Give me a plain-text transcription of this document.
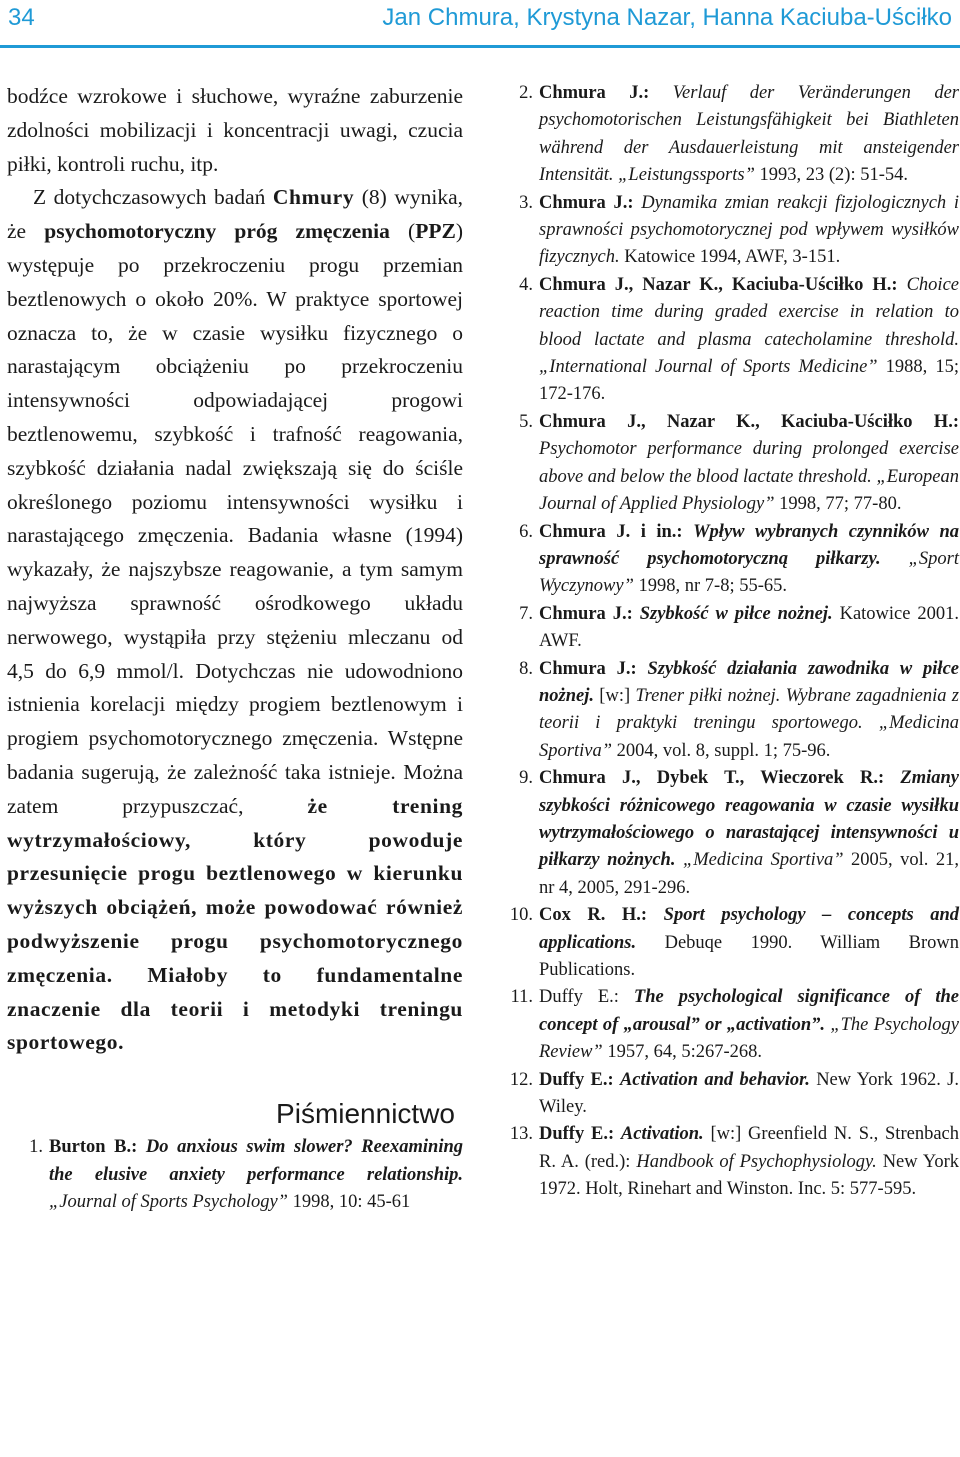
34	Jan Chmura, Krystyna Nazar, Hanna Kaciuba-Uściłko

bodźce wzrokowe i słuchowe, wyraźne zaburzenie zdolności mobilizacji i koncentracji uwagi, czucia piłki, kontroli ruchu, itp.

Z dotychczasowych badań Chmury (8) wynika, że psychomotoryczny próg zmęczenia (PPZ) występuje po przekroczeniu progu przemian beztlenowych o około 20%. W praktyce sportowej oznacza to, że w czasie wysiłku fizycznego o narastającym obciążeniu po przekroczeniu intensywności odpowiadającej progowi beztlenowemu, szybkość i trafność reagowania, szybkość działania nadal zwiększają się do ściśle określonego poziomu intensywności wysiłku i narastającego zmęczenia. Badania własne (1994) wykazały, że najszybsze reagowanie, a tym samym najwyższa sprawność ośrodkowego układu nerwowego, wystąpiła przy stężeniu mleczanu od 4,5 do 6,9 mmol/l. Dotychczas nie udowodniono istnienia korelacji między progiem beztlenowym i progiem psychomotorycznego zmęczenia. Wstępne badania sugerują, że zależność taka istnieje. Można zatem przypuszczać, że trening wytrzymałościowy, który powoduje przesunięcie progu beztlenowego w kierunku wyższych obciążeń, może powodować również podwyższenie progu psychomotorycznego zmęczenia. Miałoby to fundamentalne znaczenie dla teorii i metodyki treningu sportowego.

Piśmiennictwo
1. Burton B.: Do anxious swim slower? Reexamining the elusive anxiety performance relationship. „Journal of Sports Psychology” 1998, 10: 45-61
2. Chmura J.: Verlauf der Veränderungen der psychomotorischen Leistungsfähigkeit bei Biathleten während der Ausdauerleistung mit ansteigender Intensität. „Leistungssports” 1993, 23 (2): 51-54.
3. Chmura J.: Dynamika zmian reakcji fizjologicznych i sprawności psychomotorycznej pod wpływem wysiłków fizycznych. Katowice 1994, AWF, 3-151.
4. Chmura J., Nazar K., Kaciuba-Uściłko H.: Choice reaction time during graded exercise in relation to blood lactate and plasma catecholamine threshold. „International Journal of Sports Medicine” 1988, 15; 172-176.
5. Chmura J., Nazar K., Kaciuba-Uściłko H.: Psychomotor performance during prolonged exercise above and below the blood lactate threshold. „European Journal of Applied Physiology” 1998, 77; 77-80.
6. Chmura J. i in.: Wpływ wybranych czynników na sprawność psychomotoryczną piłkarzy. „Sport Wyczynowy” 1998, nr 7-8; 55-65.
7. Chmura J.: Szybkość w piłce nożnej. Katowice 2001. AWF.
8. Chmura J.: Szybkość działania zawodnika w piłce nożnej. [w:] Trener piłki nożnej. Wybrane zagadnienia z teorii i praktyki treningu sportowego. „Medicina Sportiva” 2004, vol. 8, suppl. 1; 75-96.
9. Chmura J., Dybek T., Wieczorek R.: Zmiany szybkości różnicowego reagowania w czasie wysiłku wytrzymałościowego o narastającej intensywności u piłkarzy nożnych. „Medicina Sportiva” 2005, vol. 21, nr 4, 2005, 291-296.
10. Cox R. H.: Sport psychology – concepts and applications. Debuqe 1990. William Brown Publications.
11. Duffy E.: The psychological significance of the concept of „arousal” or „activation”. „The Psychology Review” 1957, 64, 5:267-268.
12. Duffy E.: Activation and behavior. New York 1962. J. Wiley.
13. Duffy E.: Activation. [w:] Greenfield N. S., Strenbach R. A. (red.): Handbook of Psychophysiology. New York 1972. Holt, Rinehart and Winston. Inc. 5: 577-595.
